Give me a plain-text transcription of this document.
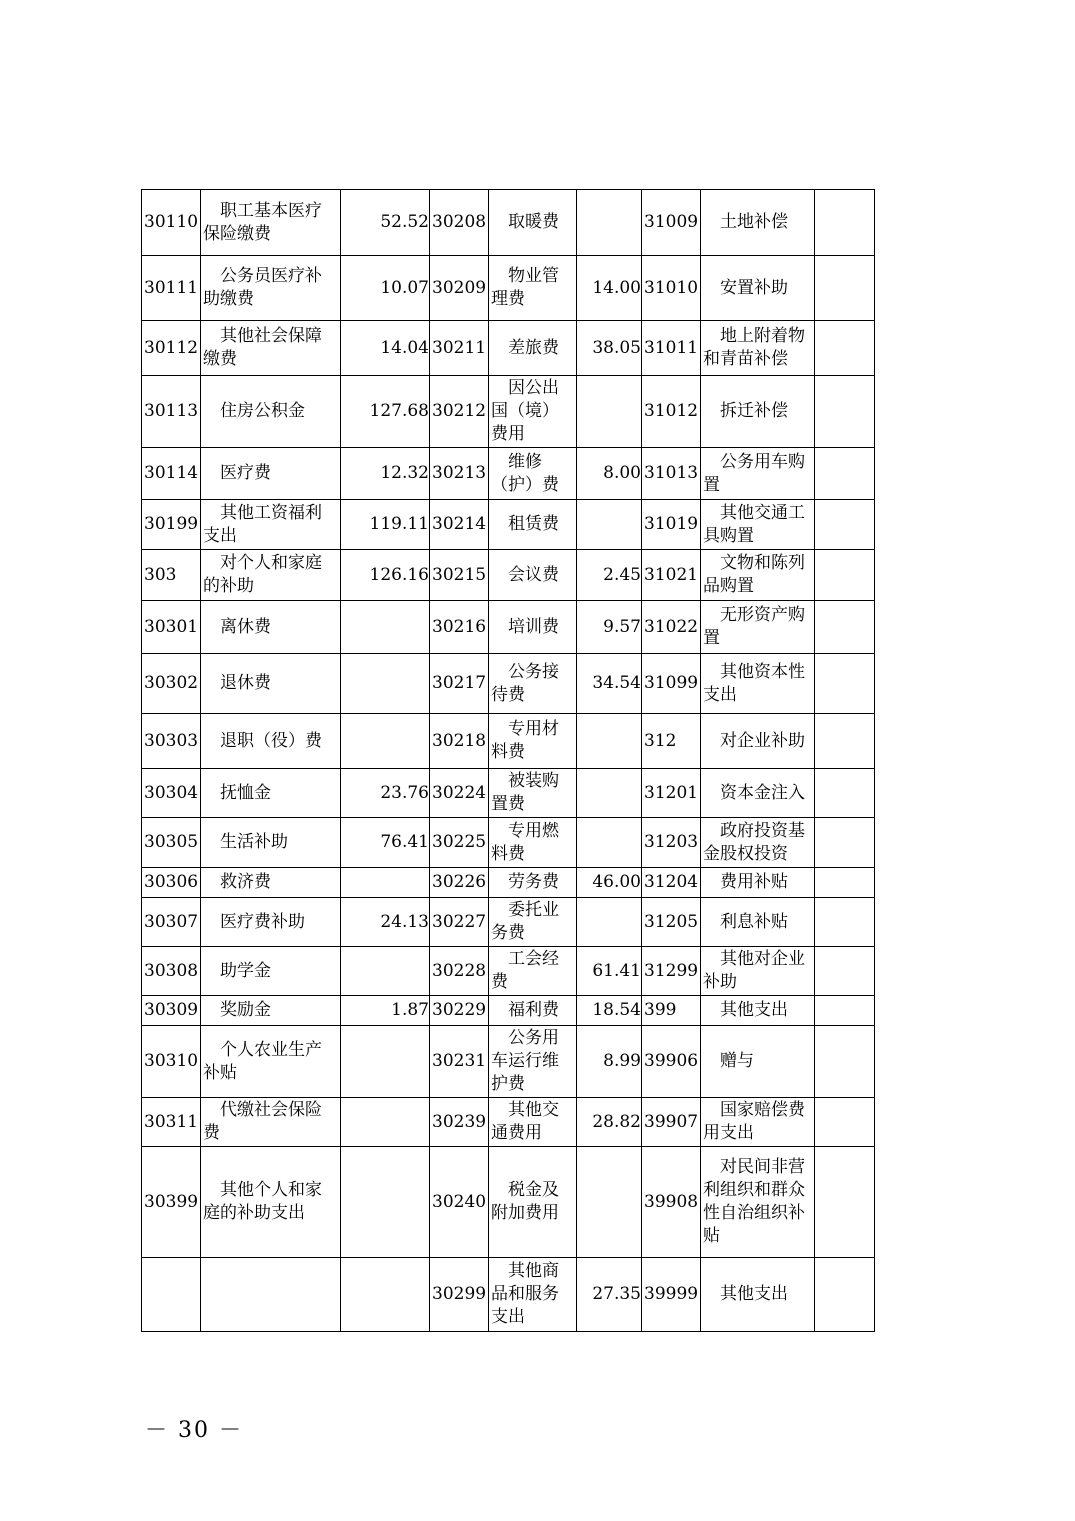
30110	职工基本医疗保险缴费	52.52	30208	取暖费		31009	土地补偿	
30111	公务员医疗补助缴费	10.07	30209	物业管理费	14.00	31010	安置补助	
30112	其他社会保障缴费	14.04	30211	差旅费	38.05	31011	地上附着物和青苗补偿	
30113	住房公积金	127.68	30212	因公出国（境）费用		31012	拆迁补偿	
30114	医疗费	12.32	30213	维修（护）费	8.00	31013	公务用车购置	
30199	其他工资福利支出	119.11	30214	租赁费		31019	其他交通工具购置	
303	对个人和家庭的补助	126.16	30215	会议费	2.45	31021	文物和陈列品购置	
30301	离休费		30216	培训费	9.57	31022	无形资产购置	
30302	退休费		30217	公务接待费	34.54	31099	其他资本性支出	
30303	退职（役）费		30218	专用材料费		312	对企业补助	
30304	抚恤金	23.76	30224	被装购置费		31201	资本金注入	
30305	生活补助	76.41	30225	专用燃料费		31203	政府投资基金股权投资	
30306	救济费		30226	劳务费	46.00	31204	费用补贴	
30307	医疗费补助	24.13	30227	委托业务费		31205	利息补贴	
30308	助学金		30228	工会经费	61.41	31299	其他对企业补助	
30309	奖励金	1.87	30229	福利费	18.54	399	其他支出	
30310	个人农业生产补贴		30231	公务用车运行维护费	8.99	39906	赠与	
30311	代缴社会保险费		30239	其他交通费用	28.82	39907	国家赔偿费用支出	
30399	其他个人和家庭的补助支出		30240	税金及附加费用		39908	对民间非营利组织和群众性自治组织补贴	
			30299	其他商品和服务支出	27.35	39999	其他支出	
－ 30 －
